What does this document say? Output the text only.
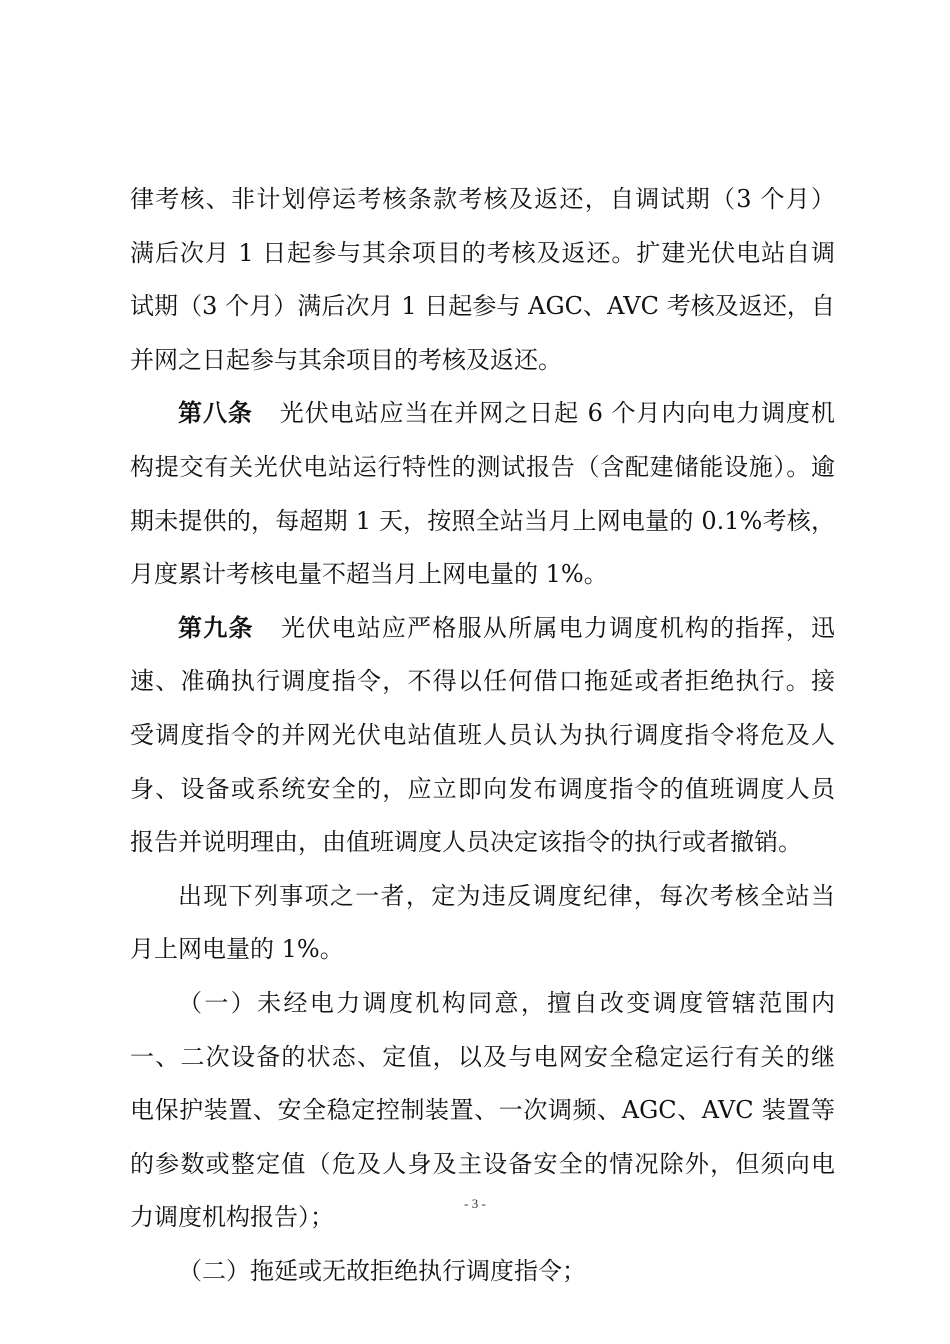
律考核、非计划停运考核条款考核及返还，自调试期（3 个月）
满后次月 1 日起参与其余项目的考核及返还。扩建光伏电站自调
试期（3 个月）满后次月 1 日起参与 AGC、AVC 考核及返还，自
并网之日起参与其余项目的考核及返还。
第八条 光伏电站应当在并网之日起 6 个月内向电力调度机
构提交有关光伏电站运行特性的测试报告（含配建储能设施）。逾
期未提供的，每超期 1 天，按照全站当月上网电量的 0.1%考核，
月度累计考核电量不超当月上网电量的 1%。
第九条 光伏电站应严格服从所属电力调度机构的指挥，迅
速、准确执行调度指令，不得以任何借口拖延或者拒绝执行。接
受调度指令的并网光伏电站值班人员认为执行调度指令将危及人
身、设备或系统安全的，应立即向发布调度指令的值班调度人员
报告并说明理由，由值班调度人员决定该指令的执行或者撤销。
出现下列事项之一者，定为违反调度纪律，每次考核全站当
月上网电量的 1%。
（一）未经电力调度机构同意，擅自改变调度管辖范围内
一、二次设备的状态、定值，以及与电网安全稳定运行有关的继
电保护装置、安全稳定控制装置、一次调频、AGC、AVC 装置等
的参数或整定值（危及人身及主设备安全的情况除外，但须向电
力调度机构报告）；
（二）拖延或无故拒绝执行调度指令；
- 3 -
